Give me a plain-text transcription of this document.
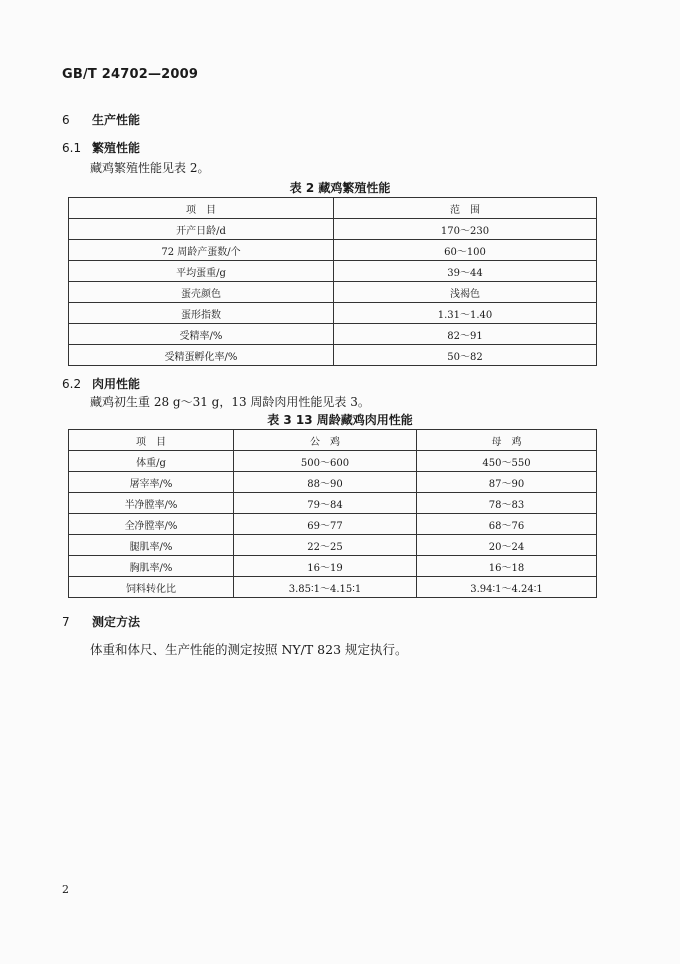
GB/T 24702—2009
6 生产性能
6.1 繁殖性能
藏鸡繁殖性能见表 2。
表 2 藏鸡繁殖性能
项　目	范　围
开产日龄/d	170～230
72 周龄产蛋数/个	60～100
平均蛋重/g	39～44
蛋壳颜色	浅褐色
蛋形指数	1.31～1.40
受精率/%	82～91
受精蛋孵化率/%	50～82
6.2 肉用性能
藏鸡初生重 28 g～31 g，13 周龄肉用性能见表 3。
表 3 13 周龄藏鸡肉用性能
项　目	公　鸡	母　鸡
体重/g	500～600	450～550
屠宰率/%	88～90	87～90
半净膛率/%	79～84	78～83
全净膛率/%	69～77	68～76
腿肌率/%	22～25	20～24
胸肌率/%	16～19	16～18
饲料转化比	3.85∶1～4.15∶1	3.94∶1～4.24∶1
7 测定方法
体重和体尺、生产性能的测定按照 NY/T 823 规定执行。
2
